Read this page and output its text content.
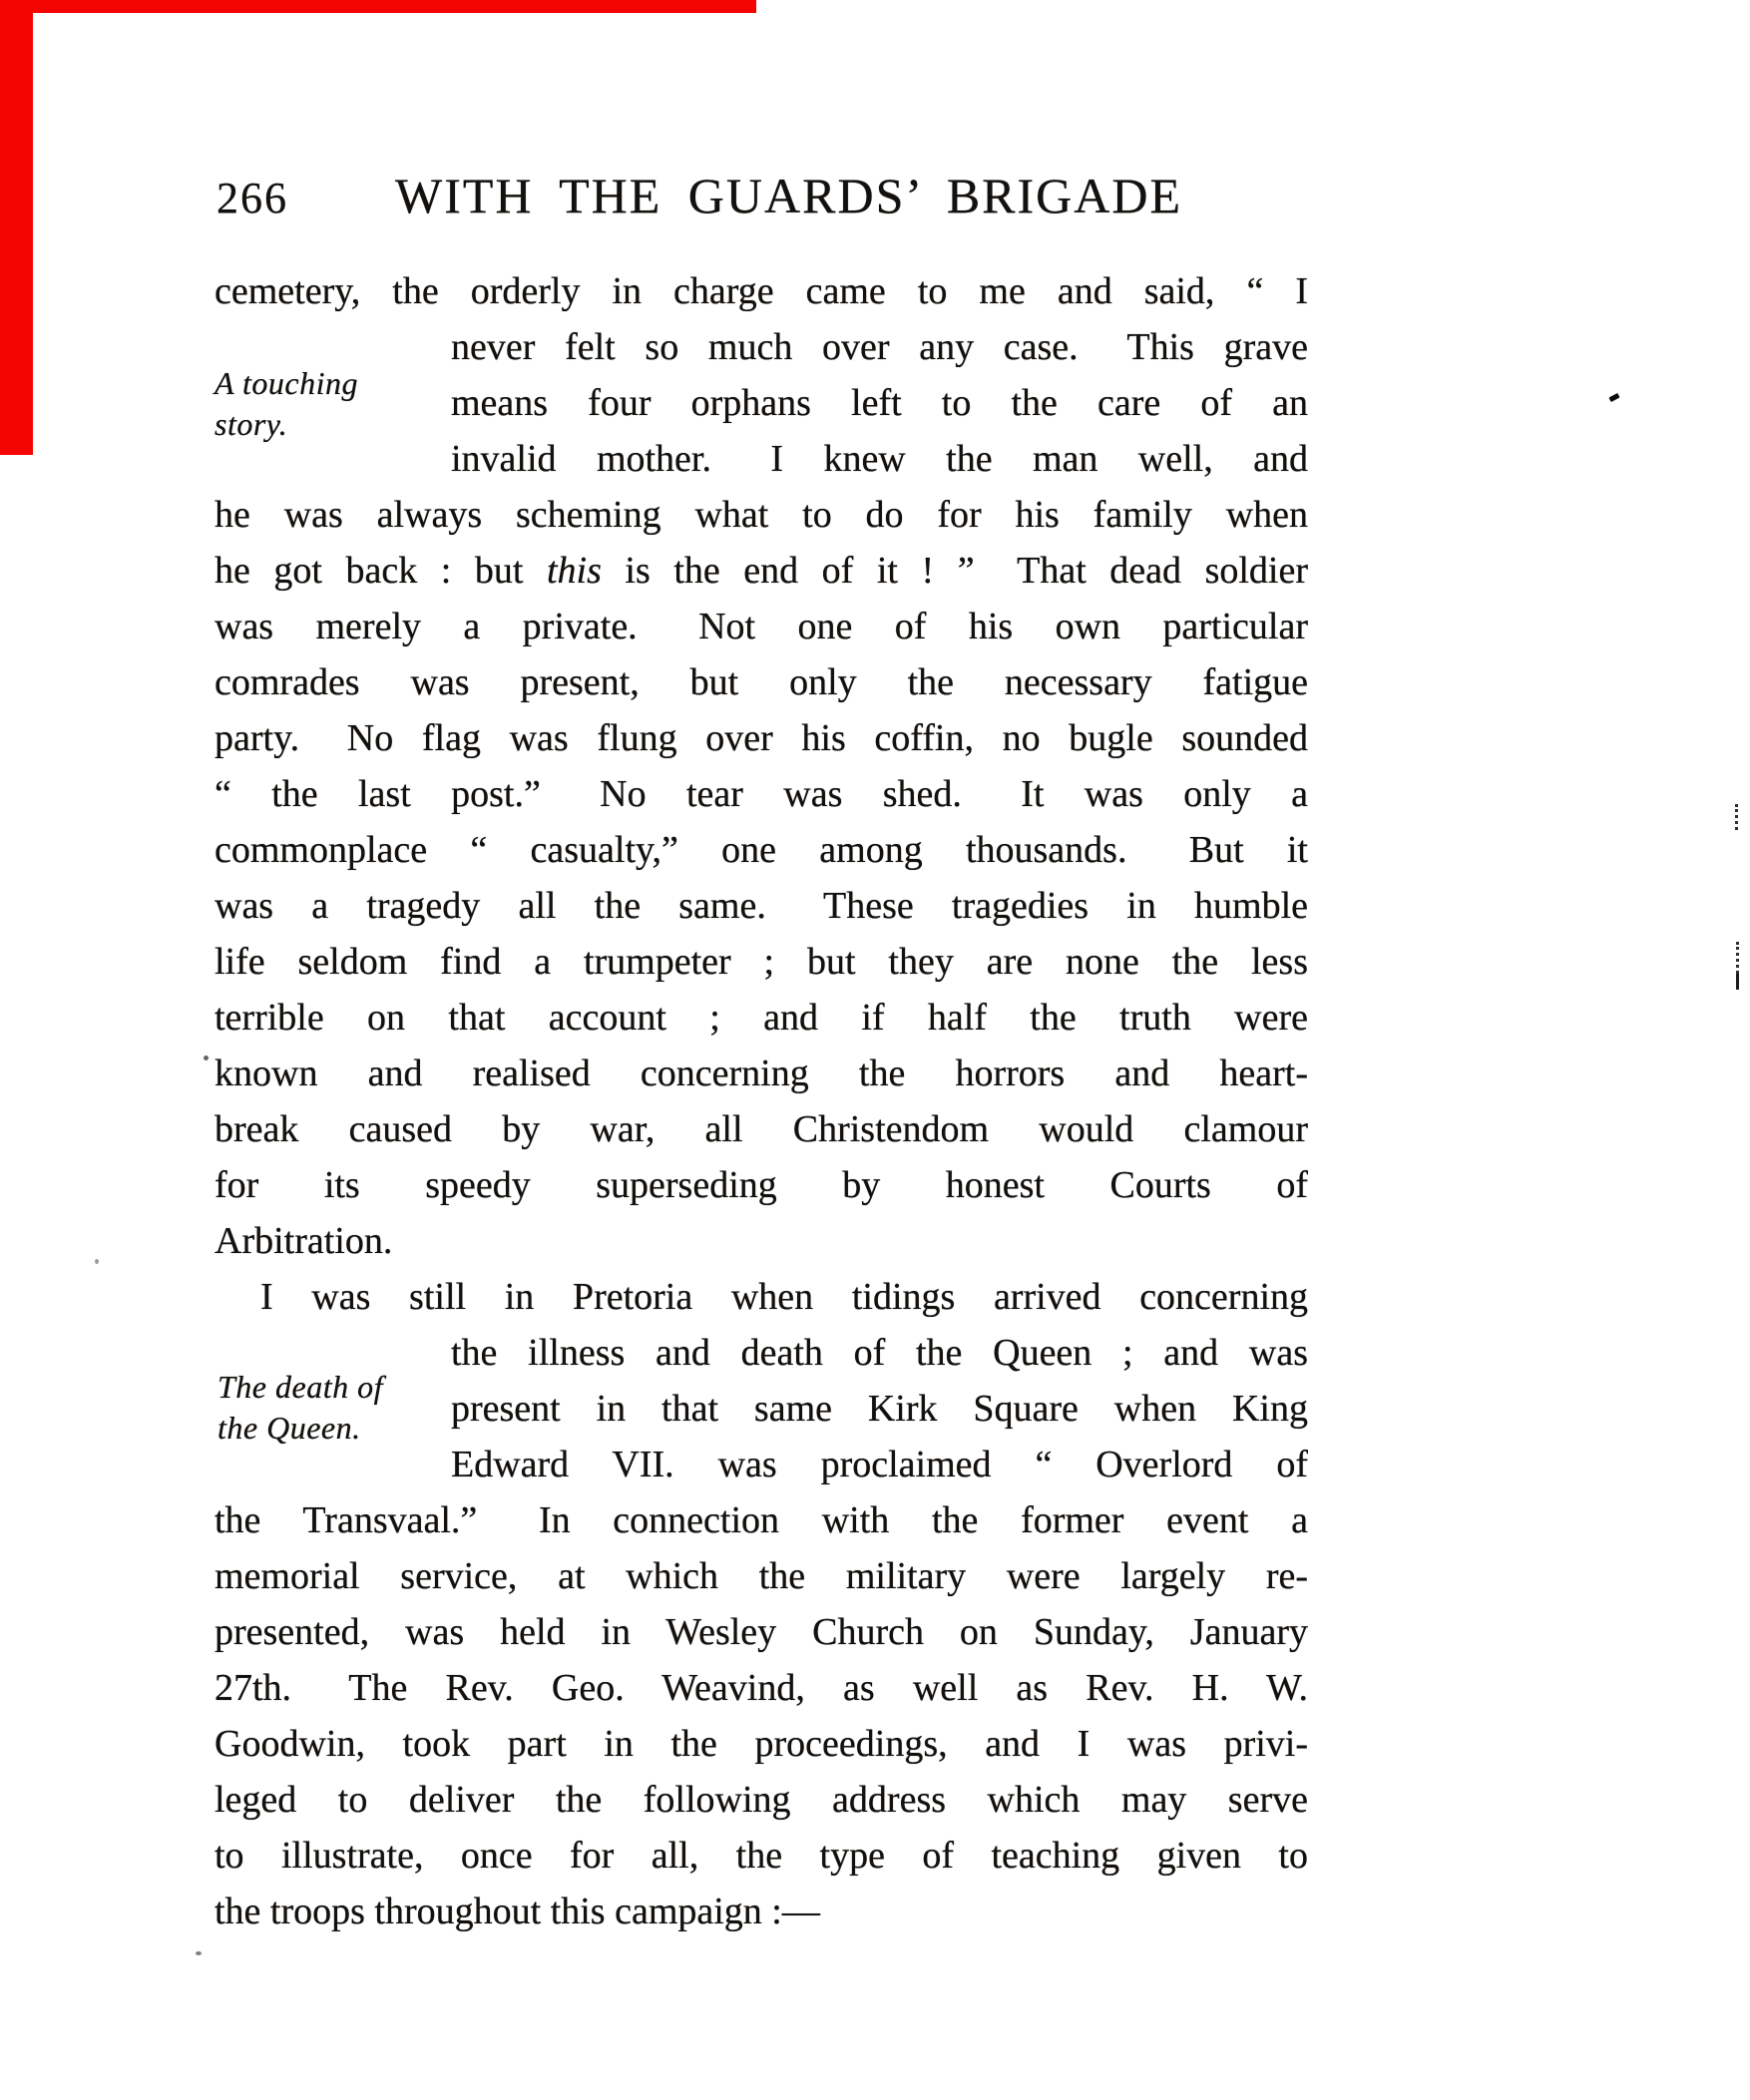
266 WITH THE GUARDS’ BRIGADE
A touching
story.
The death of
the Queen.
cemetery, the orderly in charge came to me and said, “ I
never felt so much over any case.  This grave
means four orphans left to the care of an
invalid mother.  I knew the man well, and
he was always scheming what to do for his family when
he got back : but this is the end of it ! ”  That dead soldier
was merely a private.  Not one of his own particular
comrades was present, but only the necessary fatigue
party.  No flag was flung over his coffin, no bugle sounded
“ the last post.”  No tear was shed.  It was only a
commonplace “ casualty,” one among thousands.  But it
was a tragedy all the same.  These tragedies in humble
life seldom find a trumpeter ; but they are none the less
terrible on that account ; and if half the truth were
known and realised concerning the horrors and heart-
break caused by war, all Christendom would clamour
for its speedy superseding by honest Courts of
Arbitration.
I was still in Pretoria when tidings arrived concerning
the illness and death of the Queen ; and was
present in that same Kirk Square when King
Edward VII. was proclaimed “ Overlord of
the Transvaal.”  In connection with the former event a
memorial service, at which the military were largely re-
presented, was held in Wesley Church on Sunday, January
27th.  The Rev. Geo. Weavind, as well as Rev. H. W.
Goodwin, took part in the proceedings, and I was privi-
leged to deliver the following address which may serve
to illustrate, once for all, the type of teaching given to
the troops throughout this campaign :—
